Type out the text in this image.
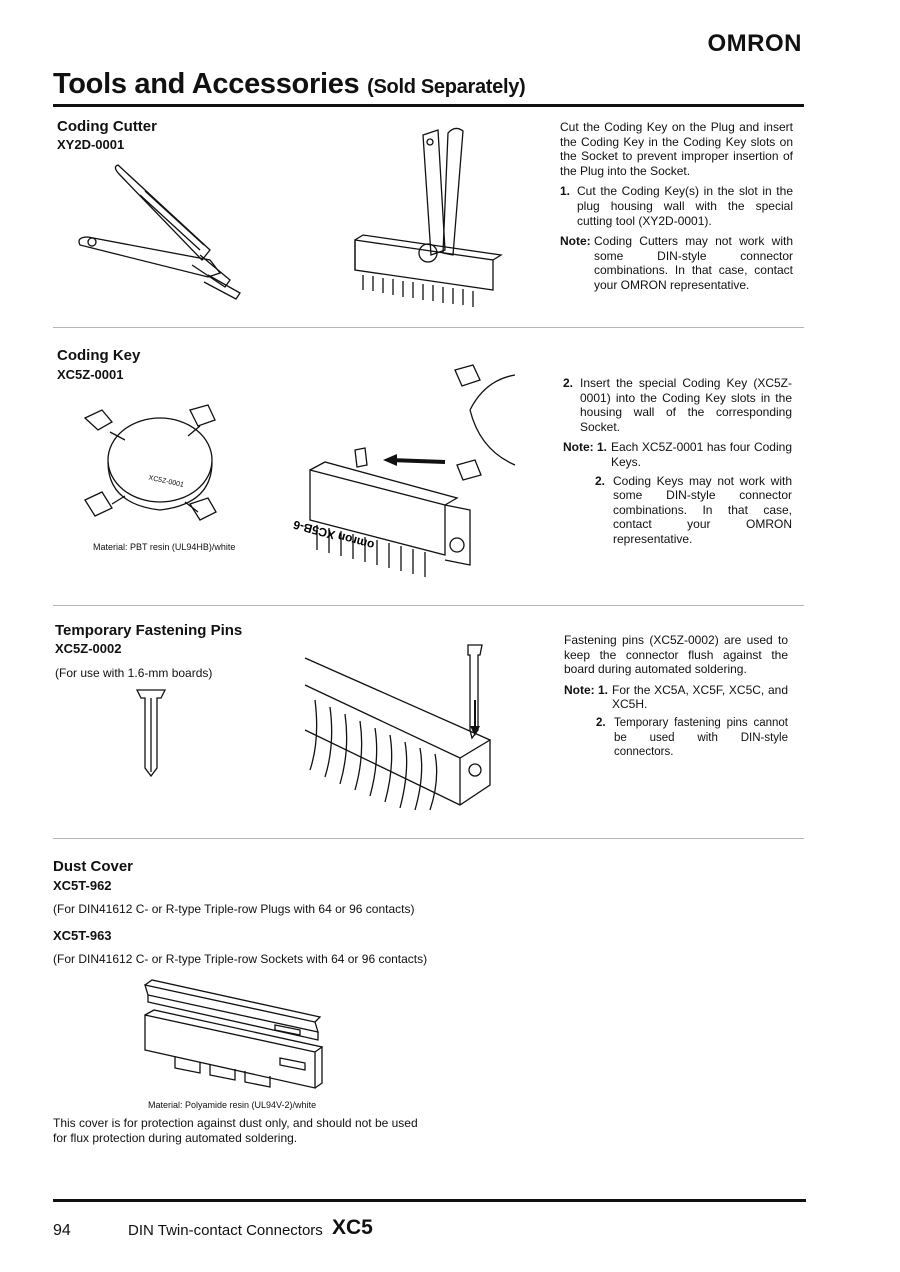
OMRON
Tools and Accessories (Sold Separately)
Coding Cutter
XY2D-0001
Cut the Coding Key on the Plug and insert the Coding Key in the Coding Key slots on the Socket to prevent improper insertion of the Plug into the Socket.
1. Cut the Coding Key(s) in the slot in the plug housing wall with the special cutting tool (XY2D-0001).
Note: Coding Cutters may not work with some DIN-style connector combinations. In that case, contact your OMRON representative.
Coding Key
XC5Z-0001
XC5Z-0001
Material: PBT resin (UL94HB)/white	omron XC5B-6
2. Insert the special Coding Key (XC5Z-0001) into the Coding Key slots in the housing wall of the corresponding Socket.
Note: 1. Each XC5Z-0001 has four Coding Keys.
2. Coding Keys may not work with some DIN-style connector combinations. In that case, contact your OMRON representative.
Temporary Fastening Pins
XC5Z-0002
(For use with 1.6-mm boards)
Fastening pins (XC5Z-0002) are used to keep the connector flush against the board during automated soldering.
Note: 1. For the XC5A, XC5F, XC5C, and XC5H.
2. Temporary fastening pins cannot be used with DIN-style connectors.
Dust Cover
XC5T-962
(For DIN41612 C- or R-type Triple-row Plugs with 64 or 96 contacts)
XC5T-963
(For DIN41612 C- or R-type Triple-row Sockets with 64 or 96 contacts)
Material: Polyamide resin (UL94V-2)/white
This cover is for protection against dust only, and should not be used for flux protection during automated soldering.
94	DIN Twin-contact Connectors XC5
